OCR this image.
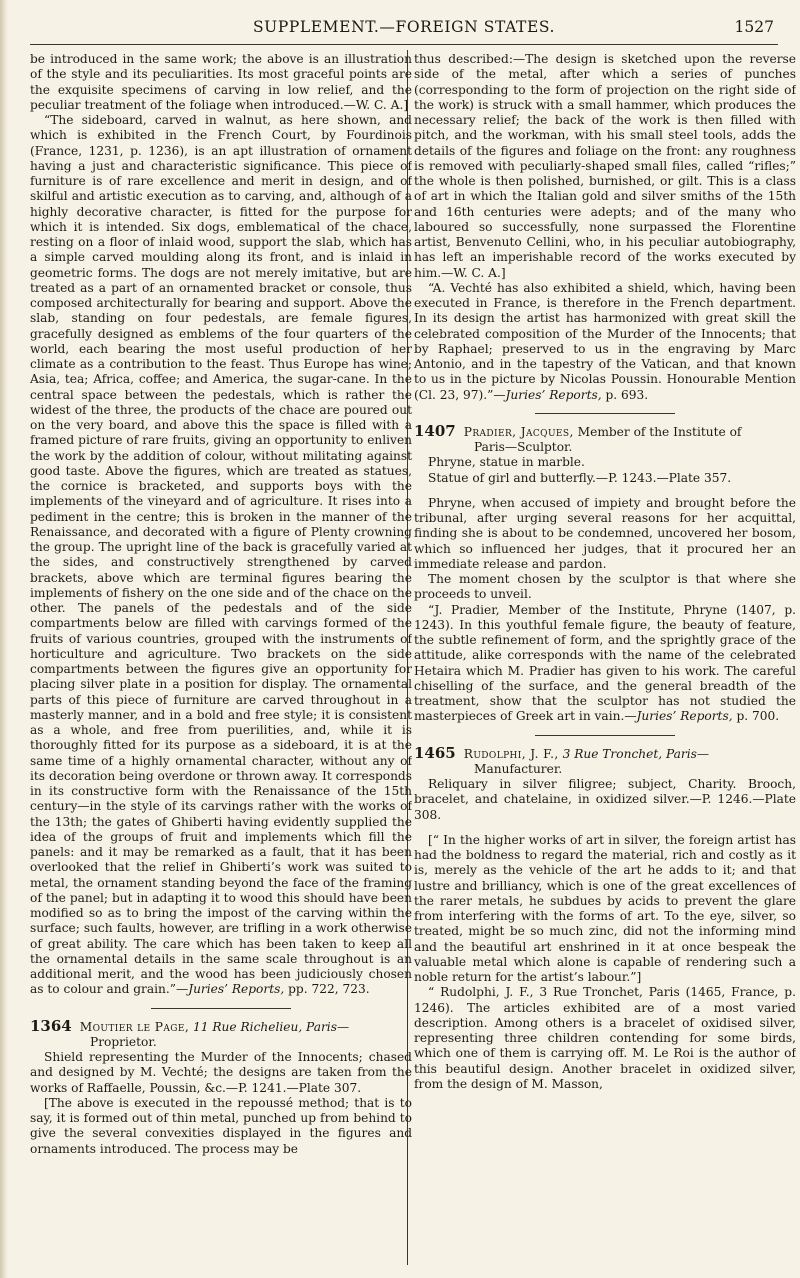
SUPPLEMENT.—FOREIGN STATES.	1527

be introduced in the same work; the above is an illustration of the style and its peculiarities. Its most graceful points are the exquisite specimens of carving in low relief, and the peculiar treatment of the foliage when introduced.—W. C. A.]

“The sideboard, carved in walnut, as here shown, and which is exhibited in the French Court, by Fourdinois (France, 1231, p. 1236), is an apt illustration of ornament having a just and characteristic significance. This piece of furniture is of rare excellence and merit in design, and of skilful and artistic execution as to carving, and, although of a highly decorative character, is fitted for the purpose for which it is intended. Six dogs, emblematical of the chace, resting on a floor of inlaid wood, support the slab, which has a simple carved moulding along its front, and is inlaid in geometric forms. The dogs are not merely imitative, but are treated as a part of an ornamented bracket or console, thus composed architecturally for bearing and support. Above the slab, standing on four pedestals, are female figures, gracefully designed as emblems of the four quarters of the world, each bearing the most useful production of her climate as a contribution to the feast. Thus Europe has wine; Asia, tea; Africa, coffee; and America, the sugar-cane. In the central space between the pedestals, which is rather the widest of the three, the products of the chace are poured out on the very board, and above this the space is filled with a framed picture of rare fruits, giving an opportunity to enliven the work by the addition of colour, without militating against good taste. Above the figures, which are treated as statues, the cornice is bracketed, and supports boys with the implements of the vineyard and of agriculture. It rises into a pediment in the centre; this is broken in the manner of the Renaissance, and decorated with a figure of Plenty crowning the group. The upright line of the back is gracefully varied at the sides, and constructively strengthened by carved brackets, above which are terminal figures bearing the implements of fishery on the one side and of the chace on the other. The panels of the pedestals and of the side compartments below are filled with carvings formed of the fruits of various countries, grouped with the instruments of horticulture and agriculture. Two brackets on the side compartments between the figures give an opportunity for placing silver plate in a position for display. The ornamental parts of this piece of furniture are carved throughout in a masterly manner, and in a bold and free style; it is consistent as a whole, and free from puerilities, and, while it is thoroughly fitted for its purpose as a sideboard, it is at the same time of a highly ornamental character, without any of its decoration being overdone or thrown away. It corresponds in its constructive form with the Renaissance of the 15th century—in the style of its carvings rather with the works of the 13th; the gates of Ghiberti having evidently supplied the idea of the groups of fruit and implements which fill the panels: and it may be remarked as a fault, that it has been overlooked that the relief in Ghiberti’s work was suited to metal, the ornament standing beyond the face of the framing of the panel; but in adapting it to wood this should have been modified so as to bring the impost of the carving within the surface; such faults, however, are trifling in a work otherwise of great ability. The care which has been taken to keep all the ornamental details in the same scale throughout is an additional merit, and the wood has been judiciously chosen as to colour and grain.”—Juries’ Reports, pp. 722, 723.

1364 Moutier le Page, 11 Rue Richelieu, Paris—
Proprietor.

Shield representing the Murder of the Innocents; chased and designed by M. Vechté; the designs are taken from the works of Raffaelle, Poussin, &c.—P. 1241.—Plate 307.

[The above is executed in the repoussé method; that is to say, it is formed out of thin metal, punched up from behind to give the several convexities displayed in the figures and ornaments introduced. The process may be

thus described:—The design is sketched upon the reverse side of the metal, after which a series of punches (corresponding to the form of projection on the right side of the work) is struck with a small hammer, which produces the necessary relief; the back of the work is then filled with pitch, and the workman, with his small steel tools, adds the details of the figures and foliage on the front: any roughness is removed with peculiarly-shaped small files, called “rifles;” the whole is then polished, burnished, or gilt. This is a class of art in which the Italian gold and silver smiths of the 15th and 16th centuries were adepts; and of the many who laboured so successfully, none surpassed the Florentine artist, Benvenuto Cellini, who, in his peculiar autobiography, has left an imperishable record of the works executed by him.—W. C. A.]

“A. Vechté has also exhibited a shield, which, having been executed in France, is therefore in the French department. In its design the artist has harmonized with great skill the celebrated composition of the Murder of the Innocents; that by Raphael; preserved to us in the engraving by Marc Antonio, and in the tapestry of the Vatican, and that known to us in the picture by Nicolas Poussin. Honourable Mention (Cl. 23, 97).”—Juries’ Reports, p. 693.

1407 Pradier, Jacques, Member of the Institute of
Paris—Sculptor.

Phryne, statue in marble.

Statue of girl and butterfly.—P. 1243.—Plate 357.

Phryne, when accused of impiety and brought before the tribunal, after urging several reasons for her acquittal, finding she is about to be condemned, uncovered her bosom, which so influenced her judges, that it procured her an immediate release and pardon.

The moment chosen by the sculptor is that where she proceeds to unveil.

“J. Pradier, Member of the Institute, Phryne (1407, p. 1243). In this youthful female figure, the beauty of feature, the subtle refinement of form, and the sprightly grace of the attitude, alike corresponds with the name of the celebrated Hetaira which M. Pradier has given to his work. The careful chiselling of the surface, and the general breadth of the treatment, show that the sculptor has not studied the masterpieces of Greek art in vain.—Juries’ Reports, p. 700.

1465 Rudolphi, J. F., 3 Rue Tronchet, Paris—
Manufacturer.

Reliquary in silver filigree; subject, Charity. Brooch, bracelet, and chatelaine, in oxidized silver.—P. 1246.—Plate 308.

[“ In the higher works of art in silver, the foreign artist has had the boldness to regard the material, rich and costly as it is, merely as the vehicle of the art he adds to it; and that lustre and brilliancy, which is one of the great excellences of the rarer metals, he subdues by acids to prevent the glare from interfering with the forms of art. To the eye, silver, so treated, might be so much zinc, did not the informing mind and the beautiful art enshrined in it at once bespeak the valuable metal which alone is capable of rendering such a noble return for the artist’s labour.”]

“ Rudolphi, J. F., 3 Rue Tronchet, Paris (1465, France, p. 1246). The articles exhibited are of a most varied description. Among others is a bracelet of oxidised silver, representing three children contending for some birds, which one of them is carrying off. M. Le Roi is the author of this beautiful design. Another bracelet in oxidized silver, from the design of M. Masson,
